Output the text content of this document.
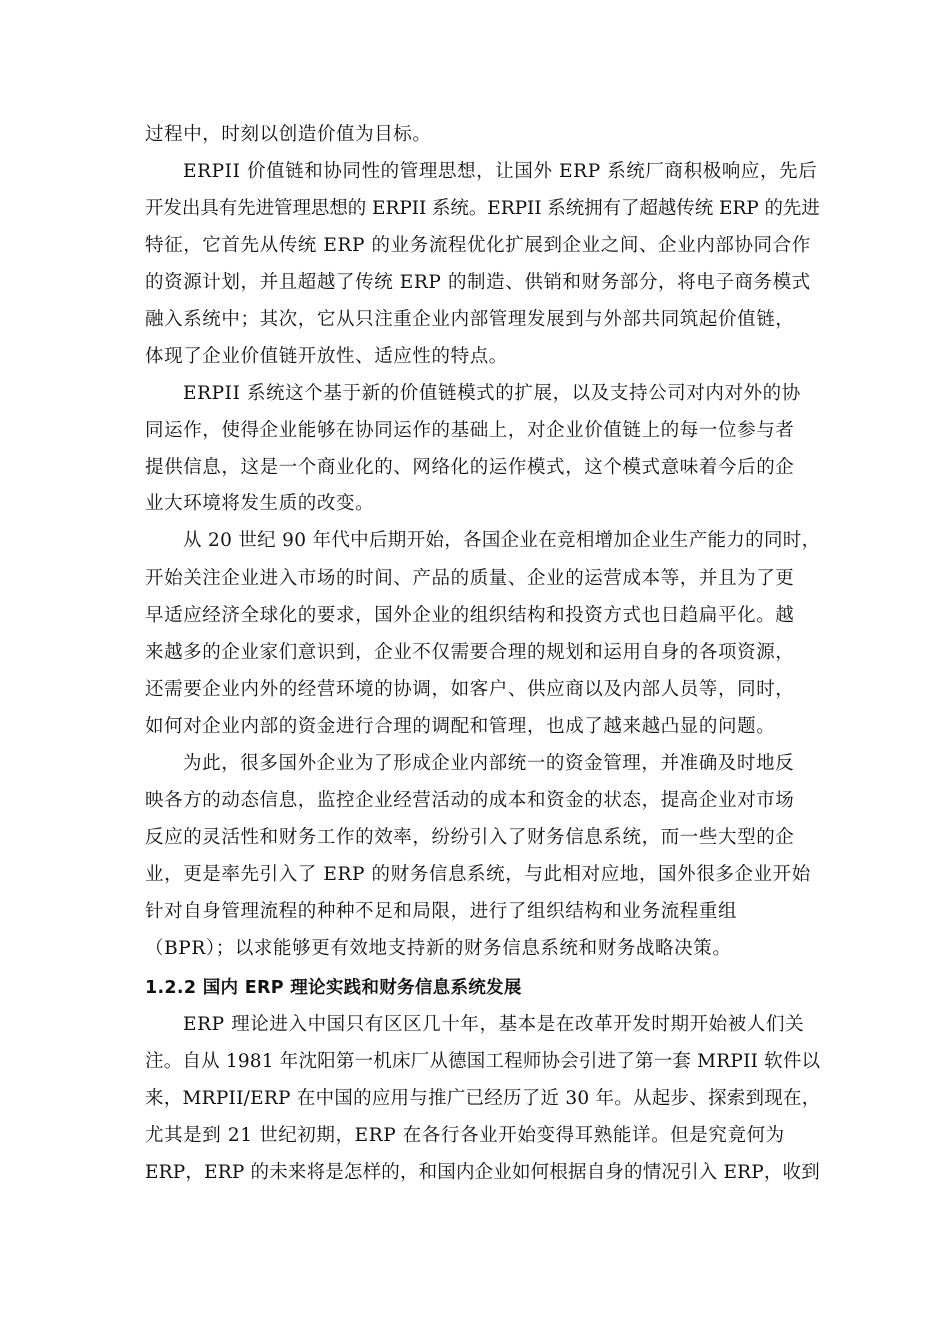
过程中，时刻以创造价值为目标。
ERPII 价值链和协同性的管理思想，让国外 ERP 系统厂商积极响应，先后
开发出具有先进管理思想的 ERPII 系统。ERPII 系统拥有了超越传统 ERP 的先进
特征，它首先从传统 ERP 的业务流程优化扩展到企业之间、企业内部协同合作
的资源计划，并且超越了传统 ERP 的制造、供销和财务部分，将电子商务模式
融入系统中；其次，它从只注重企业内部管理发展到与外部共同筑起价值链，
体现了企业价值链开放性、适应性的特点。
ERPII 系统这个基于新的价值链模式的扩展，以及支持公司对内对外的协
同运作，使得企业能够在协同运作的基础上，对企业价值链上的每一位参与者
提供信息，这是一个商业化的、网络化的运作模式，这个模式意味着今后的企
业大环境将发生质的改变。
从 20 世纪 90 年代中后期开始，各国企业在竞相增加企业生产能力的同时，
开始关注企业进入市场的时间、产品的质量、企业的运营成本等，并且为了更
早适应经济全球化的要求，国外企业的组织结构和投资方式也日趋扁平化。越
来越多的企业家们意识到，企业不仅需要合理的规划和运用自身的各项资源，
还需要企业内外的经营环境的协调，如客户、供应商以及内部人员等，同时，
如何对企业内部的资金进行合理的调配和管理，也成了越来越凸显的问题。
为此，很多国外企业为了形成企业内部统一的资金管理，并准确及时地反
映各方的动态信息，监控企业经营活动的成本和资金的状态，提高企业对市场
反应的灵活性和财务工作的效率，纷纷引入了财务信息系统，而一些大型的企
业，更是率先引入了 ERP 的财务信息系统，与此相对应地，国外很多企业开始
针对自身管理流程的种种不足和局限，进行了组织结构和业务流程重组
（BPR）；以求能够更有效地支持新的财务信息系统和财务战略决策。
1.2.2 国内 ERP 理论实践和财务信息系统发展
ERP 理论进入中国只有区区几十年，基本是在改革开发时期开始被人们关
注。自从 1981 年沈阳第一机床厂从德国工程师协会引进了第一套 MRPII 软件以
来，MRPII/ERP 在中国的应用与推广已经历了近 30 年。从起步、探索到现在，
尤其是到 21 世纪初期，ERP 在各行各业开始变得耳熟能详。但是究竟何为
ERP，ERP 的未来将是怎样的，和国内企业如何根据自身的情况引入 ERP，收到
